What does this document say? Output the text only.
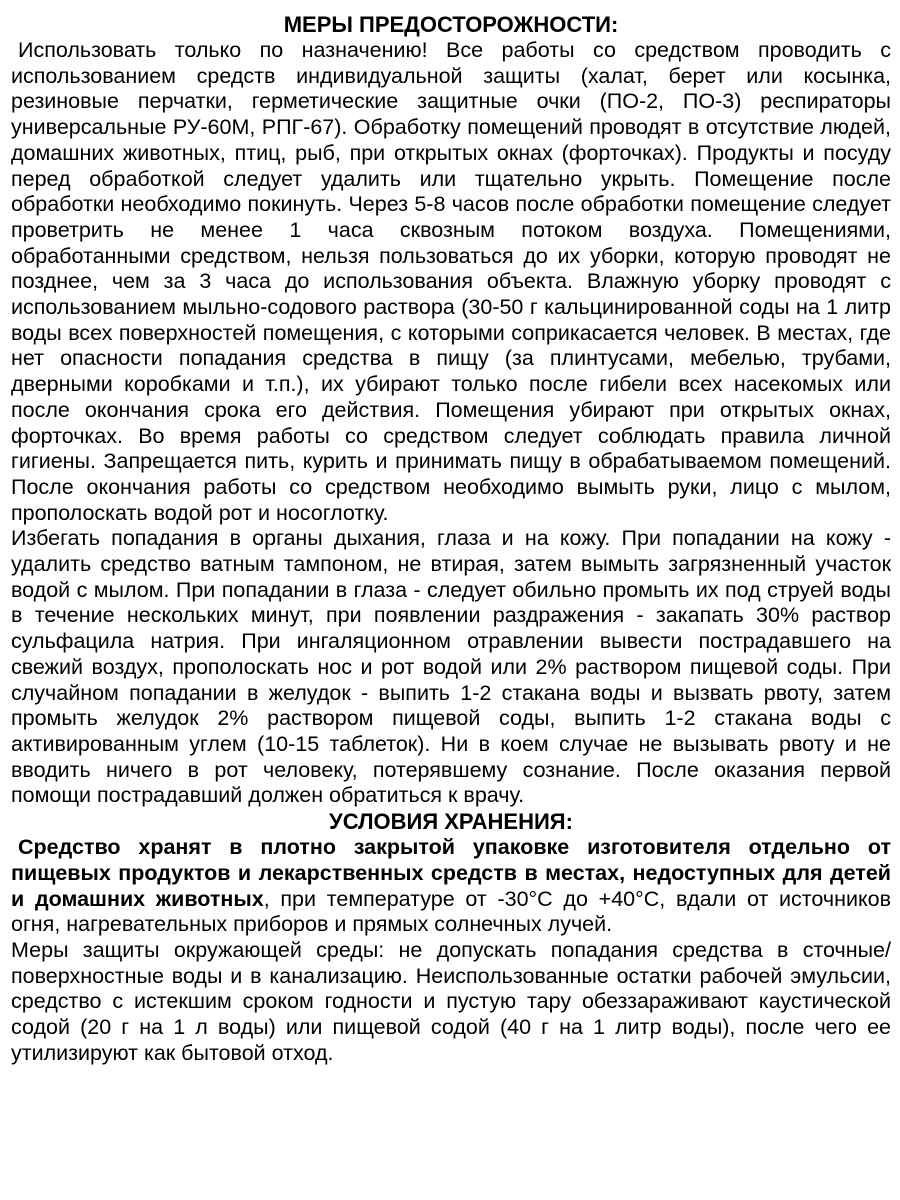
МЕРЫ ПРЕДОСТОРОЖНОСТИ:

Использовать только по назначению! Все работы со средством проводить с использованием средств индивидуальной защиты (халат, берет или косынка, резиновые перчатки, герметические защитные очки (ПО-2, ПО-3) респираторы универсальные РУ-60М, РПГ-67). Обработку помещений проводят в отсутствие людей, домашних животных, птиц, рыб, при открытых окнах (форточках). Продукты и посуду перед обработкой следует удалить или тщательно укрыть. Помещение после обработки необходимо покинуть. Через 5-8 часов после обработки помещение следует проветрить не менее 1 часа сквозным потоком воздуха. Помещениями, обработанными средством, нельзя пользоваться до их уборки, которую проводят не позднее, чем за 3 часа до использования объекта. Влажную уборку проводят с использованием мыльно-содового раствора (30-50 г кальцинированной соды на 1 литр воды всех поверхностей помещения, с которыми соприкасается человек. В местах, где нет опасности попадания средства в пищу (за плинтусами, мебелью, трубами, дверными коробками и т.п.), их убирают только после гибели всех насекомых или после окончания срока его действия. Помещения убирают при открытых окнах, форточках. Во время работы со средством следует соблюдать правила личной гигиены. Запрещается пить, курить и принимать пищу в обрабатываемом помещений. После окончания работы со средством необходимо вымыть руки, лицо с мылом, прополоскать водой рот и носоглотку.

Избегать попадания в органы дыхания, глаза и на кожу. При попадании на кожу - удалить средство ватным тампоном, не втирая, затем вымыть загрязненный участок водой с мылом. При попадании в глаза - следует обильно промыть их под струей воды в течение нескольких минут, при появлении раздражения - закапать 30% раствор сульфацила натрия. При ингаляционном отравлении вывести пострадавшего на свежий воздух, прополоскать нос и рот водой или 2% раствором пищевой соды. При случайном попадании в желудок - выпить 1-2 стакана воды и вызвать рвоту, затем промыть желудок 2% раствором пищевой соды, выпить 1-2 стакана воды с активированным углем (10-15 таблеток). Ни в коем случае не вызывать рвоту и не вводить ничего в рот человеку, потерявшему сознание. После оказания первой помощи пострадавший должен обратиться к врачу.

УСЛОВИЯ ХРАНЕНИЯ:

Средство хранят в плотно закрытой упаковке изготовителя отдельно от пищевых продуктов и лекарственных средств в местах, недоступных для детей и домашних животных, при температуре от -30°С до +40°С, вдали от источников огня, нагревательных приборов и прямых солнечных лучей.

Меры защиты окружающей среды: не допускать попадания средства в сточные/поверхностные воды и в канализацию. Неиспользованные остатки рабочей эмульсии, средство с истекшим сроком годности и пустую тару обеззараживают каустической содой (20 г на 1 л воды) или пищевой содой (40 г на 1 литр воды), после чего ее утилизируют как бытовой отход.
